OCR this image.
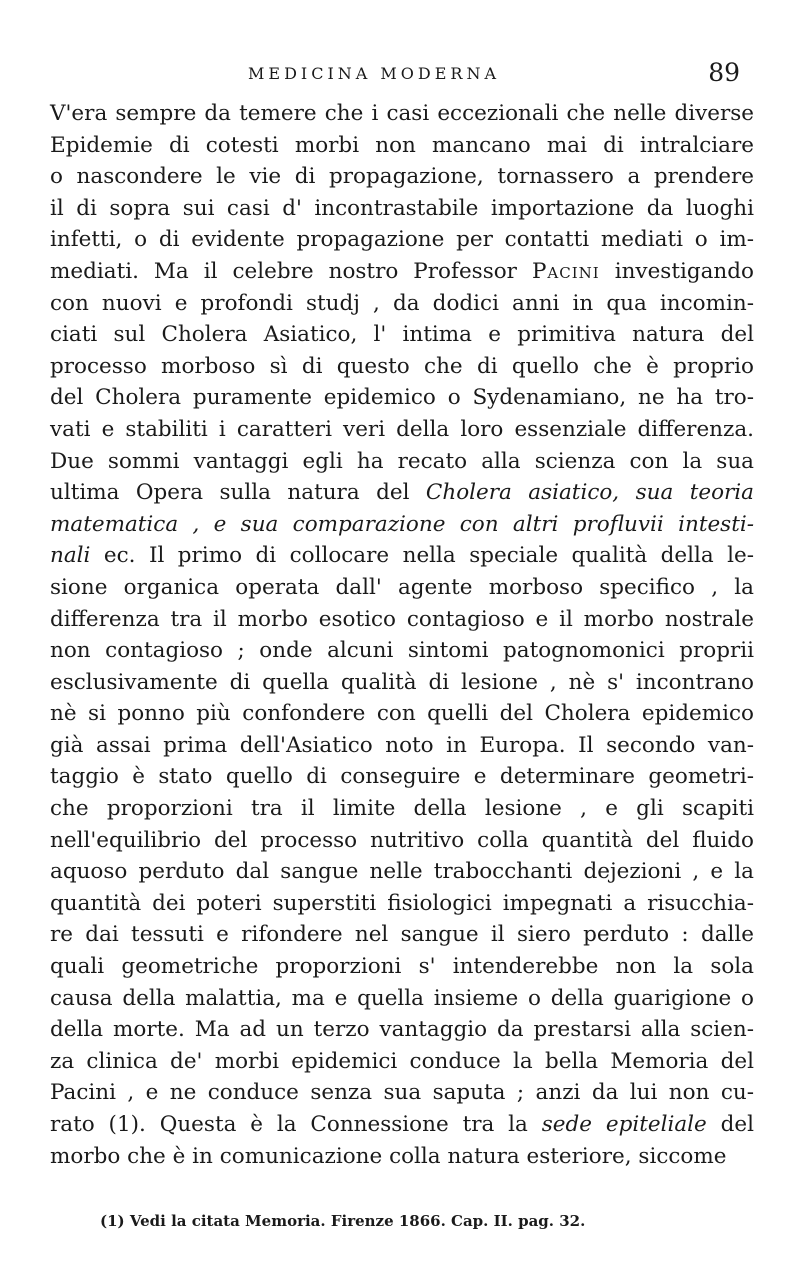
MEDICINA MODERNA	89
V'era sempre da temere che i casi eccezionali che nelle diverse
Epidemie di cotesti morbi non mancano mai di intralciare
o nascondere le vie di propagazione, tornassero a prendere
il di sopra sui casi d' incontrastabile importazione da luoghi
infetti, o di evidente propagazione per contatti mediati o im-
mediati. Ma il celebre nostro Professor Pacini investigando
con nuovi e profondi studj , da dodici anni in qua incomin-
ciati sul Cholera Asiatico, l' intima e primitiva natura del
processo morboso sì di questo che di quello che è proprio
del Cholera puramente epidemico o Sydenamiano, ne ha tro-
vati e stabiliti i caratteri veri della loro essenziale differenza.
Due sommi vantaggi egli ha recato alla scienza con la sua
ultima Opera sulla natura del Cholera asiatico, sua teoria
matematica , e sua comparazione con altri profluvii intesti-
nali ec. Il primo di collocare nella speciale qualità della le-
sione organica operata dall' agente morboso specifico , la
differenza tra il morbo esotico contagioso e il morbo nostrale
non contagioso ; onde alcuni sintomi patognomonici proprii
esclusivamente di quella qualità di lesione , nè s' incontrano
nè si ponno più confondere con quelli del Cholera epidemico
già assai prima dell'Asiatico noto in Europa. Il secondo van-
taggio è stato quello di conseguire e determinare geometri-
che proporzioni tra il limite della lesione , e gli scapiti
nell'equilibrio del processo nutritivo colla quantità del fluido
aquoso perduto dal sangue nelle trabocchanti dejezioni , e la
quantità dei poteri superstiti fisiologici impegnati a risucchia-
re dai tessuti e rifondere nel sangue il siero perduto : dalle
quali geometriche proporzioni s' intenderebbe non la sola
causa della malattia, ma e quella insieme o della guarigione o
della morte. Ma ad un terzo vantaggio da prestarsi alla scien-
za clinica de' morbi epidemici conduce la bella Memoria del
Pacini , e ne conduce senza sua saputa ; anzi da lui non cu-
rato (1). Questa è la Connessione tra la sede epiteliale del
morbo che è in comunicazione colla natura esteriore, siccome

(1) Vedi la citata Memoria. Firenze 1866. Cap. II. pag. 32.
